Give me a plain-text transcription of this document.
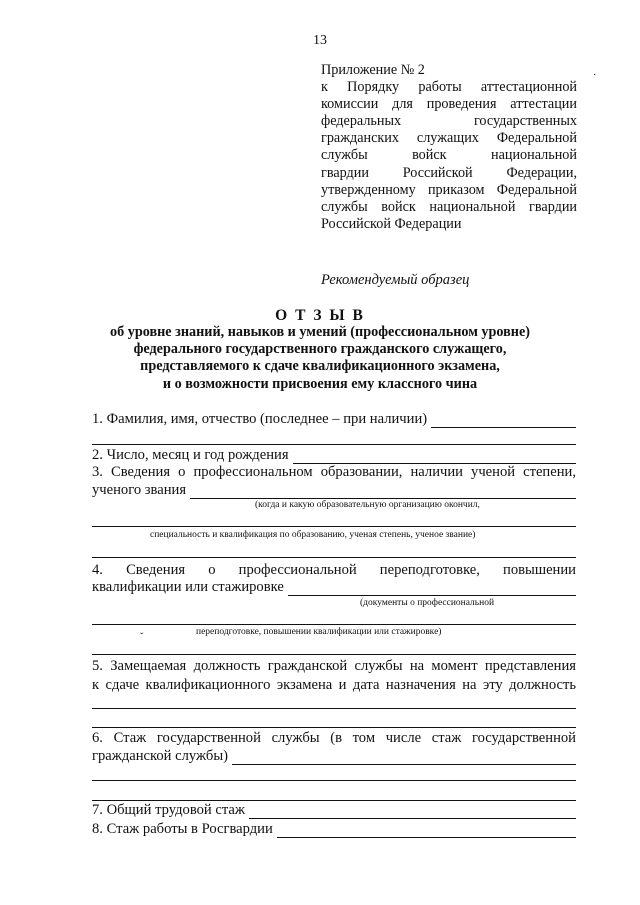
13
Приложение № 2
к Порядку работы аттестационной
комиссии для проведения аттестации
федеральных государственных
гражданских служащих Федеральной
службы войск национальной
гвардии Российской Федерации,
утвержденному приказом Федеральной
службы войск национальной гвардии
Российской Федерации
·
Рекомендуемый образец
О Т З Ы В
об уровне знаний, навыков и умений (профессиональном уровне)
федерального государственного гражданского служащего,
представляемого к сдаче квалификационного экзамена,
и о возможности присвоения ему классного чина
1. Фамилия, имя, отчество (последнее – при наличии)
2. Число, месяц и год рождения
3. Сведения о профессиональном образовании, наличии ученой степени,
ученого звания
(когда и какую образовательную организацию окончил,
специальность и квалификация по образованию, ученая степень, ученое звание)
4. Сведения о профессиональной переподготовке, повышении
квалификации или стажировке
(документы о профессиональной
переподготовке, повышении квалификации или стажировке)
ˇ
5. Замещаемая должность гражданской службы на момент представления
к сдаче квалификационного экзамена и дата назначения на эту должность
6. Стаж государственной службы (в том числе стаж государственной
гражданской службы)
7. Общий трудовой стаж
8. Стаж работы в Росгвардии
